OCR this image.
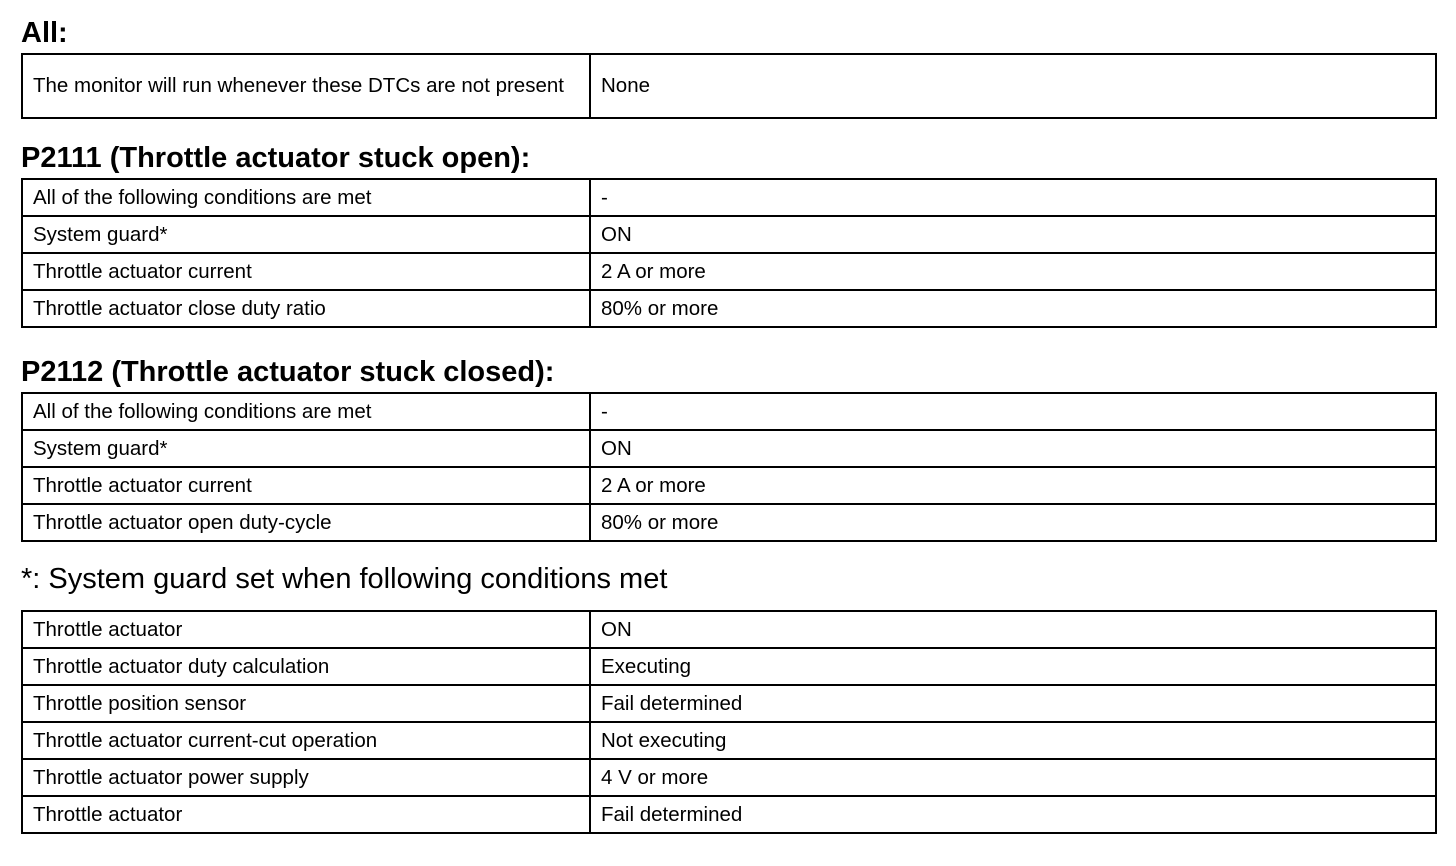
All:
The monitor will run whenever these DTCs are not present	None
P2111 (Throttle actuator stuck open):
All of the following conditions are met	-
System guard*	ON
Throttle actuator current	2 A or more
Throttle actuator close duty ratio	80% or more
P2112 (Throttle actuator stuck closed):
All of the following conditions are met	-
System guard*	ON
Throttle actuator current	2 A or more
Throttle actuator open duty-cycle	80% or more
*: System guard set when following conditions met
Throttle actuator	ON
Throttle actuator duty calculation	Executing
Throttle position sensor	Fail determined
Throttle actuator current-cut operation	Not executing
Throttle actuator power supply	4 V or more
Throttle actuator	Fail determined
